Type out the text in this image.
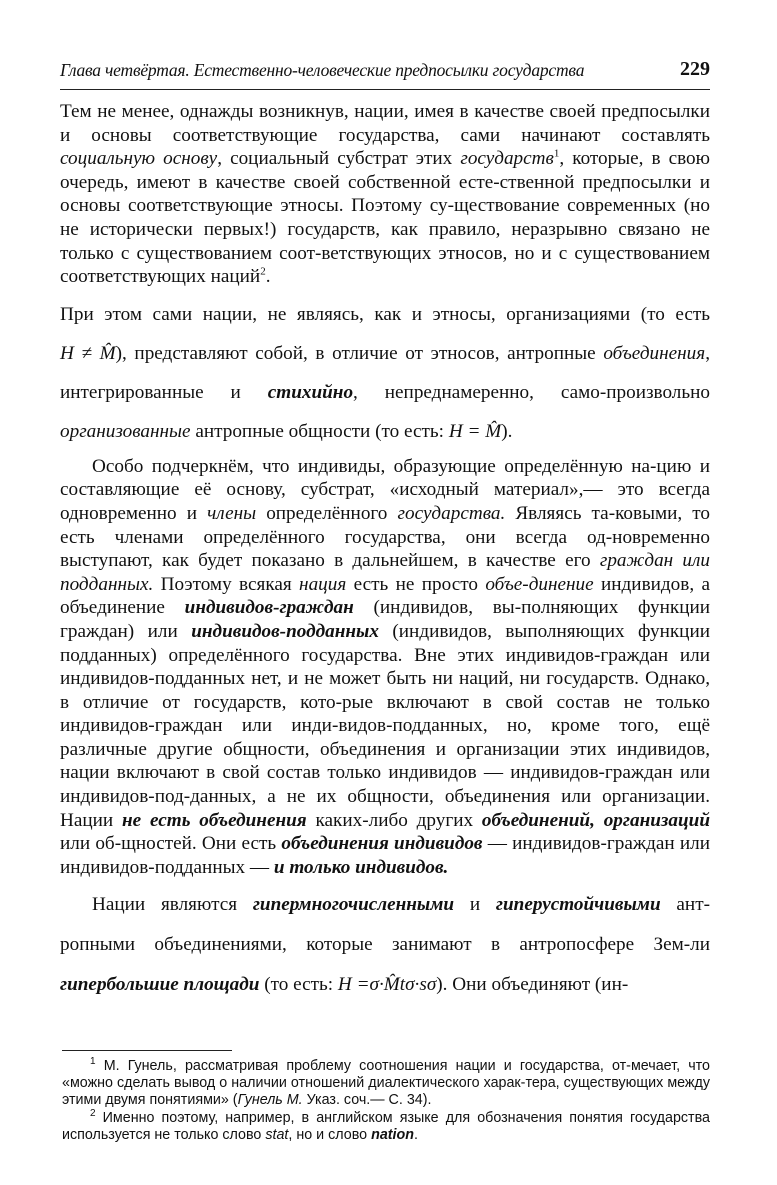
Глава четвёртая. Естественно-человеческие предпосылки государства	229

Тем не менее, однажды возникнув, нации, имея в качестве своей предпосылки и основы соответствующие государства, сами начинают составлять социальную основу, социальный субстрат этих государств$^1$, которые, в свою очередь, имеют в качестве своей собственной есте-ственной предпосылки и основы соответствующие этносы. Поэтому су-ществование современных (но не исторически первых!) государств, как правило, неразрывно связано не только с существованием соот-ветствующих этносов, но и с существованием соответствующих наций$^2$.

При этом сами нации, не являясь, как и этносы, организациями (то есть H ≠ M̂), представляют собой, в отличие от этносов, антропные объединения, интегрированные и стихийно, непреднамеренно, само-произвольно организованные антропные общности (то есть: H = M̂).

Особо подчеркнём, что индивиды, образующие определённую на-цию и составляющие её основу, субстрат, «исходный материал»,— это всегда одновременно и члены определённого государства. Являясь та-ковыми, то есть членами определённого государства, они всегда од-новременно выступают, как будет показано в дальнейшем, в качестве его граждан или подданных. Поэтому всякая нация есть не просто объе-динение индивидов, а объединение индивидов-граждан (индивидов, вы-полняющих функции граждан) или индивидов-подданных (индивидов, выполняющих функции подданных) определённого государства. Вне этих индивидов-граждан или индивидов-подданных нет, и не может быть ни наций, ни государств. Однако, в отличие от государств, кото-рые включают в свой состав не только индивидов-граждан или инди-видов-подданных, но, кроме того, ещё различные другие общности, объединения и организации этих индивидов, нации включают в свой состав только индивидов — индивидов-граждан или индивидов-под-данных, а не их общности, объединения или организации. Нации не есть объединения каких-либо других объединений, организаций или об-щностей. Они есть объединения индивидов — индивидов-граждан или индивидов-подданных — и только индивидов.

Нации являются гипермногочисленными и гиперустойчивыми ант-ропными объединениями, которые занимают в антропосфере Зем-ли гипербольшие площади (то есть: H =σ·M̂tσ·sσ). Они объединяют (ин-

$^1$ М. Гунель, рассматривая проблему соотношения нации и государства, от-мечает, что «можно сделать вывод о наличии отношений диалектического харак-тера, существующих между этими двумя понятиями» (Гунель М. Указ. соч.— С. 34).

$^2$ Именно поэтому, например, в английском языке для обозначения понятия государства используется не только слово stat, но и слово nation.
